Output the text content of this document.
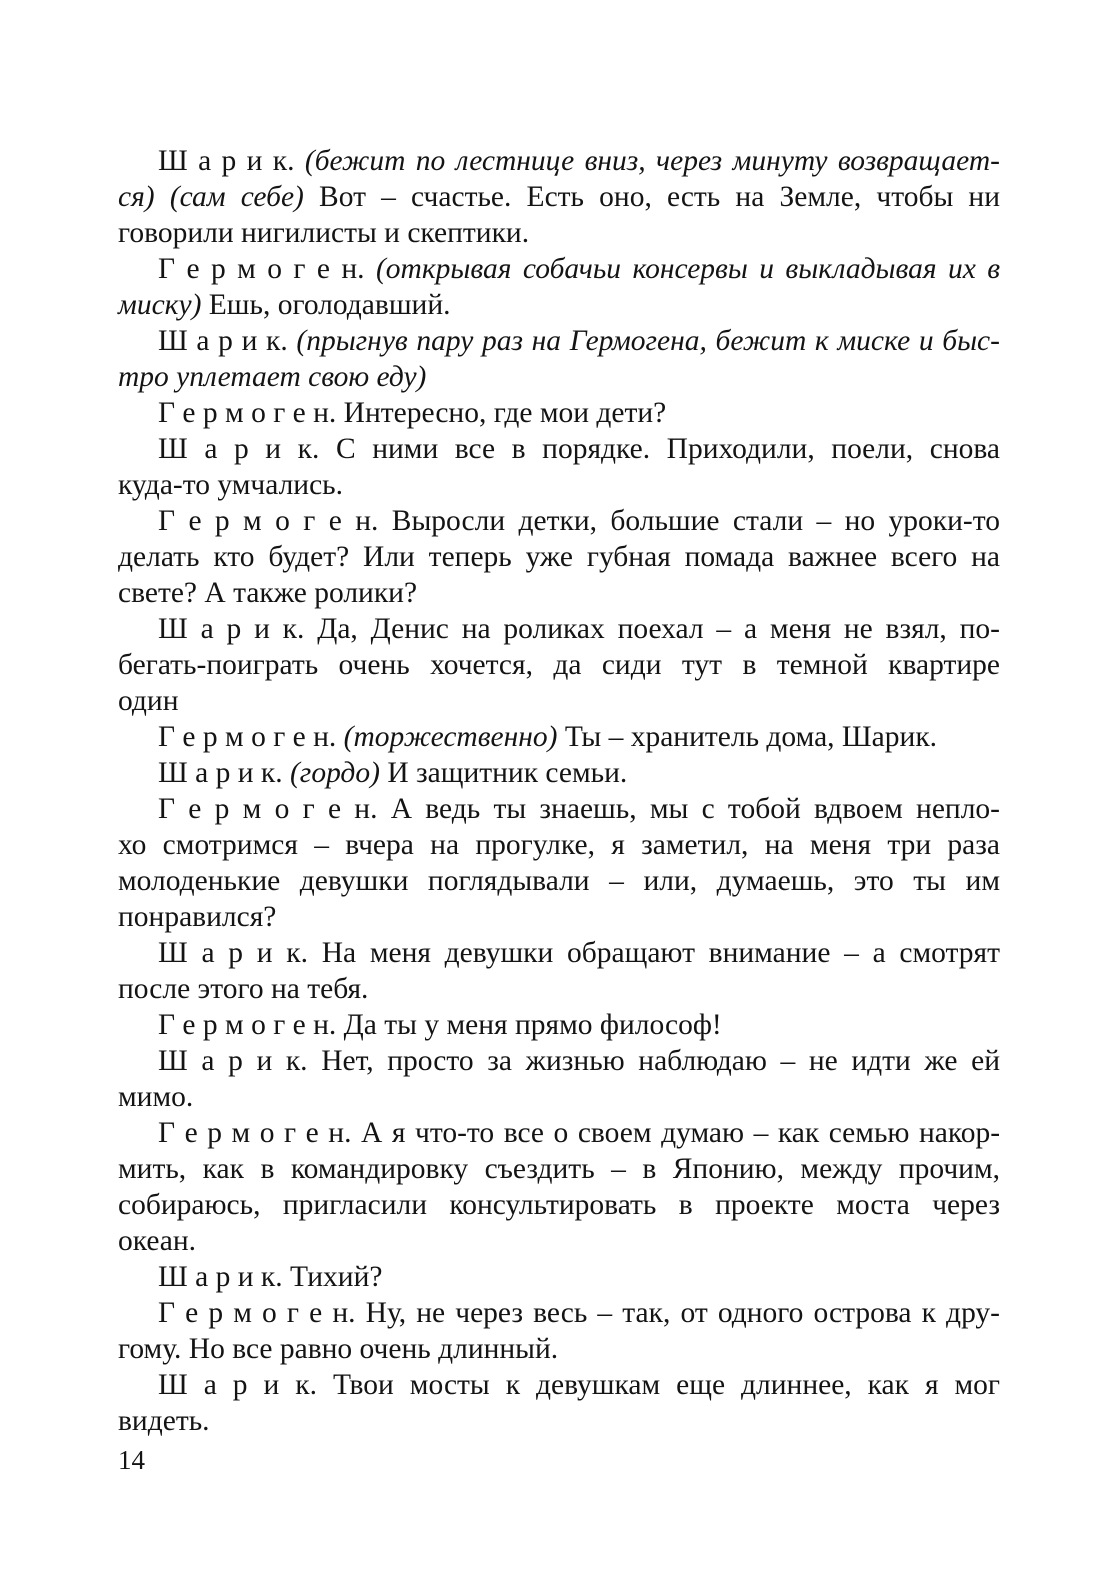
Ш а р и к. (бежит по лестнице вниз, через минуту возвращает-
ся) (сам себе) Вот – счастье. Есть оно, есть на Земле, чтобы ни
говорили нигилисты и скептики.
Г е р м о г е н. (открывая собачьи консервы и выкладывая их в
миску) Ешь, оголодавший.
Ш а р и к. (прыгнув пару раз на Гермогена, бежит к миске и быс-
тро уплетает свою еду)
Г е р м о г е н. Интересно, где мои дети?
Ш а р и к. С ними все в порядке. Приходили, поели, снова
куда-то умчались.
Г е р м о г е н. Выросли детки, большие стали – но уроки-то
делать кто будет? Или теперь уже губная помада важнее всего на
свете? А также ролики?
Ш а р и к. Да, Денис на роликах поехал – а меня не взял, по-
бегать-поиграть очень хочется, да сиди тут в темной квартире
один
Г е р м о г е н. (торжественно) Ты – хранитель дома, Шарик.
Ш а р и к. (гордо) И защитник семьи.
Г е р м о г е н. А ведь ты знаешь, мы с тобой вдвоем непло-
хо смотримся – вчера на прогулке, я заметил, на меня три раза
молоденькие девушки поглядывали – или, думаешь, это ты им
понравился?
Ш а р и к. На меня девушки обращают внимание – а смотрят
после этого на тебя.
Г е р м о г е н. Да ты у меня прямо философ!
Ш а р и к. Нет, просто за жизнью наблюдаю – не идти же ей
мимо.
Г е р м о г е н. А я что-то все о своем думаю – как семью накор-
мить, как в командировку съездить – в Японию, между прочим,
собираюсь, пригласили консультировать в проекте моста через
океан.
Ш а р и к. Тихий?
Г е р м о г е н. Ну, не через весь – так, от одного острова к дру-
гому. Но все равно очень длинный.
Ш а р и к. Твои мосты к девушкам еще длиннее, как я мог
видеть.
14
